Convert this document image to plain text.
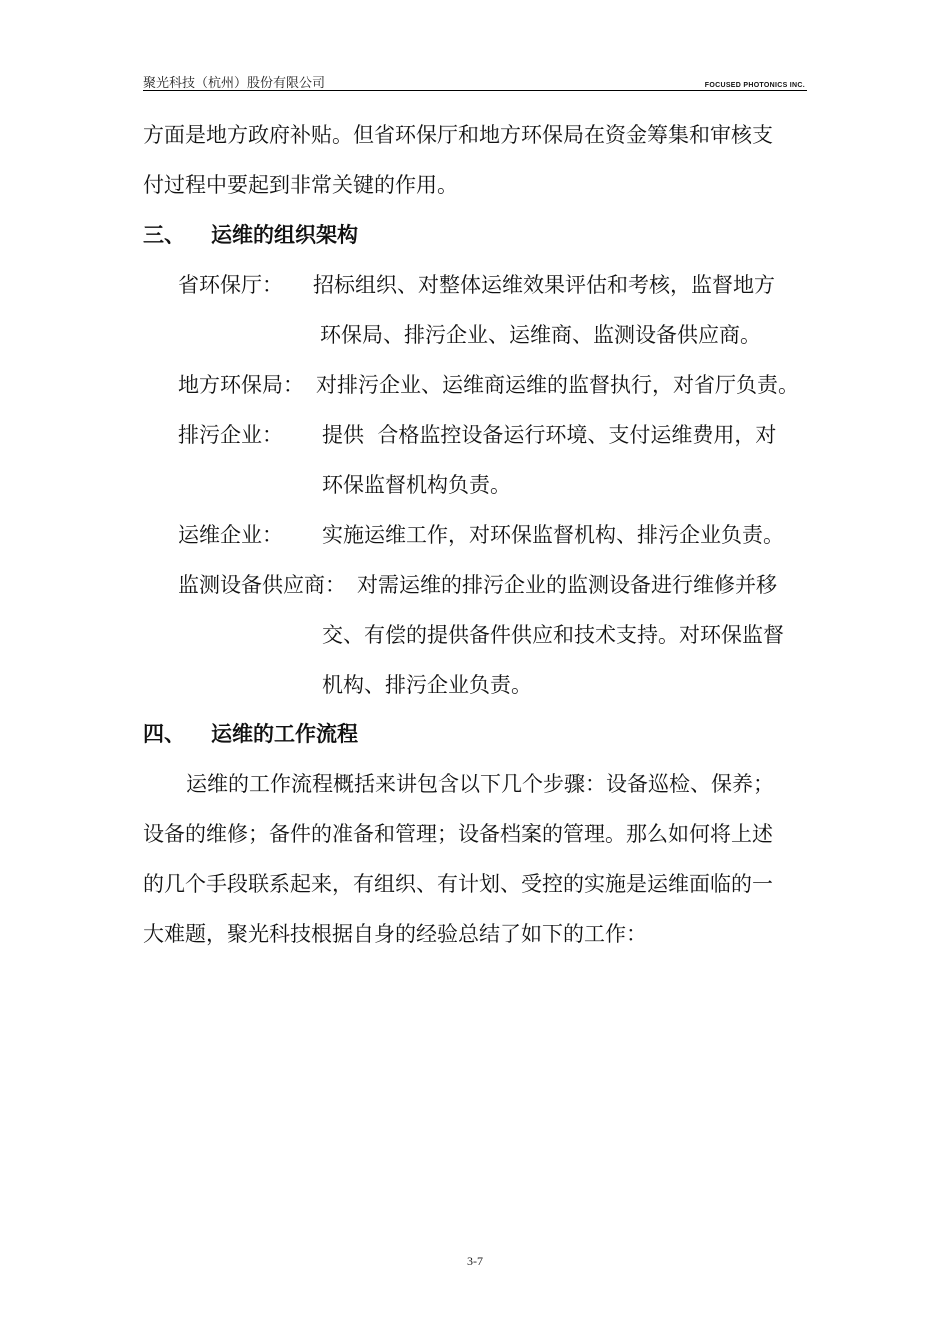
聚光科技（杭州）股份有限公司	FOCUSED PHOTONICS INC.
方面是地方政府补贴。但省环保厅和地方环保局在资金筹集和审核支
付过程中要起到非常关键的作用。
三、 运维的组织架构
省环保厅： 招标组织、对整体运维效果评估和考核，监督地方
环保局、排污企业、运维商、监测设备供应商。
地方环保局： 对排污企业、运维商运维的监督执行，对省厅负责。
排污企业： 提供  合格监控设备运行环境、支付运维费用，对
环保监督机构负责。
运维企业： 实施运维工作，对环保监督机构、排污企业负责。
监测设备供应商： 对需运维的排污企业的监测设备进行维修并移
交、有偿的提供备件供应和技术支持。对环保监督
机构、排污企业负责。
四、 运维的工作流程
运维的工作流程概括来讲包含以下几个步骤：设备巡检、保养；
设备的维修；备件的准备和管理；设备档案的管理。那么如何将上述
的几个手段联系起来，有组织、有计划、受控的实施是运维面临的一
大难题，聚光科技根据自身的经验总结了如下的工作：
3-7
